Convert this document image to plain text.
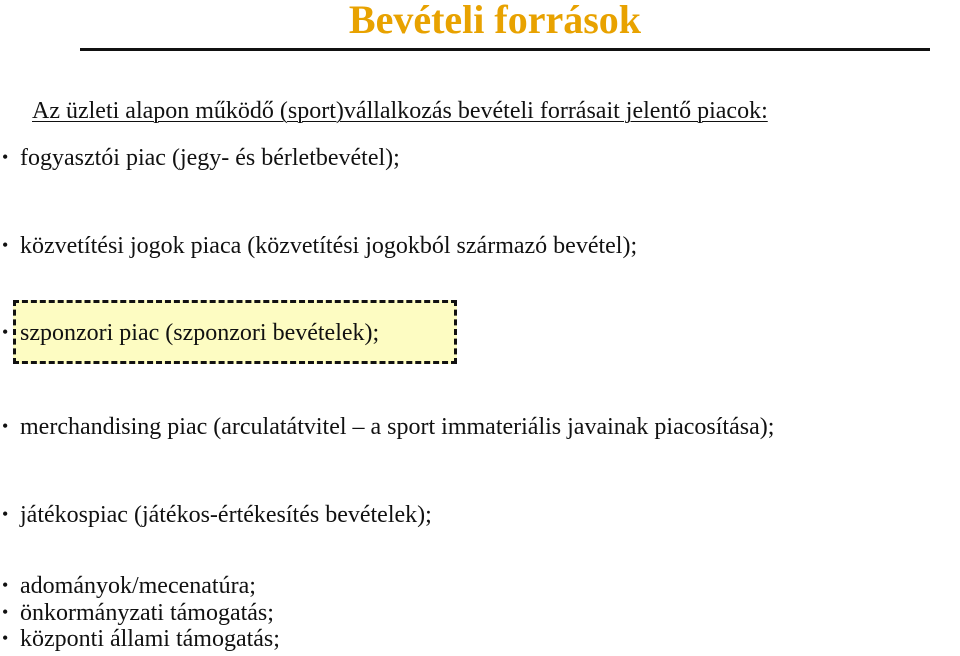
Bevételi források
Az üzleti alapon működő (sport)vállalkozás bevételi forrásait jelentő piacok:
• fogyasztói piac (jegy- és bérletbevétel);
• közvetítési jogok piaca (közvetítési jogokból származó bevétel);
• szponzori piac (szponzori bevételek);
• merchandising piac (arculatátvitel – a sport immateriális javainak piacosítása);
• játékospiac (játékos-értékesítés bevételek);
• adományok/mecenatúra;
• önkormányzati támogatás;
• központi állami támogatás;
